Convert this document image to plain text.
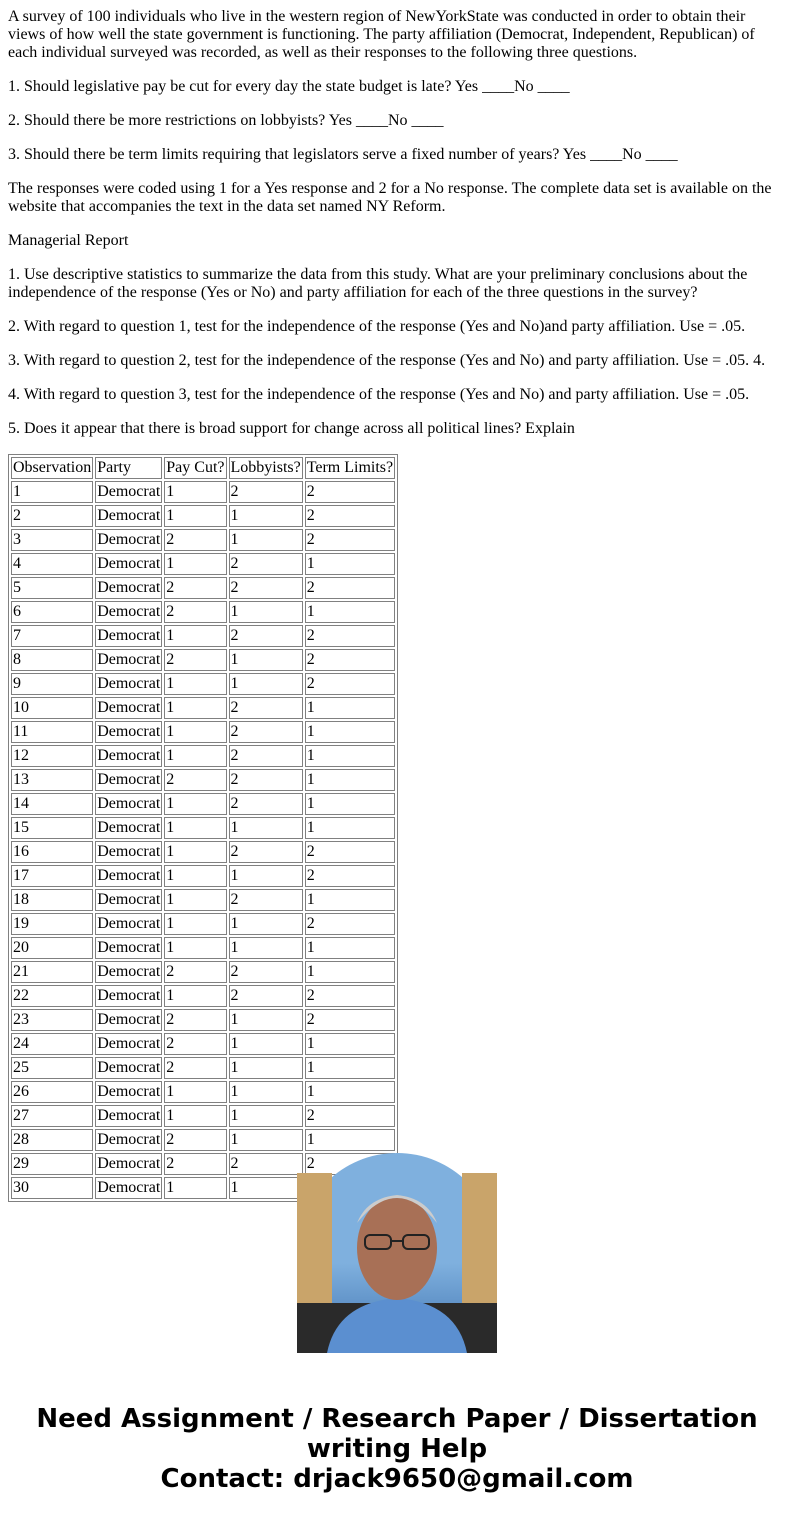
A survey of 100 individuals who live in the western region of NewYorkState was conducted in order to obtain their views of how well the state government is functioning. The party affiliation (Democrat, Independent, Republican) of each individual surveyed was recorded, as well as their responses to the following three questions.

1. Should legislative pay be cut for every day the state budget is late? Yes ____No ____

2. Should there be more restrictions on lobbyists? Yes ____No ____

3. Should there be term limits requiring that legislators serve a fixed number of years? Yes ____No ____

The responses were coded using 1 for a Yes response and 2 for a No response. The complete data set is available on the website that accompanies the text in the data set named NY Reform.

Managerial Report

1. Use descriptive statistics to summarize the data from this study. What are your preliminary conclusions about the independence of the response (Yes or No) and party affiliation for each of the three questions in the survey?

2. With regard to question 1, test for the independence of the response (Yes and No)and party affiliation. Use = .05.

3. With regard to question 2, test for the independence of the response (Yes and No) and party affiliation. Use = .05. 4.

4. With regard to question 3, test for the independence of the response (Yes and No) and party affiliation. Use = .05.

5. Does it appear that there is broad support for change across all political lines? Explain

Observation	Party	Pay Cut?	Lobbyists?	Term Limits?
1	Democrat	1	2	2
2	Democrat	1	1	2
3	Democrat	2	1	2
4	Democrat	1	2	1
5	Democrat	2	2	2
6	Democrat	2	1	1
7	Democrat	1	2	2
8	Democrat	2	1	2
9	Democrat	1	1	2
10	Democrat	1	2	1
11	Democrat	1	2	1
12	Democrat	1	2	1
13	Democrat	2	2	1
14	Democrat	1	2	1
15	Democrat	1	1	1
16	Democrat	1	2	2
17	Democrat	1	1	2
18	Democrat	1	2	1
19	Democrat	1	1	2
20	Democrat	1	1	1
21	Democrat	2	2	1
22	Democrat	1	2	2
23	Democrat	2	1	2
24	Democrat	2	1	1
25	Democrat	2	1	1
26	Democrat	1	1	1
27	Democrat	1	1	2
28	Democrat	2	1	1
29	Democrat	2	2	2
30	Democrat	1	1	
Need Assignment / Research Paper / Dissertation writing Help
Contact: drjack9650@gmail.com
